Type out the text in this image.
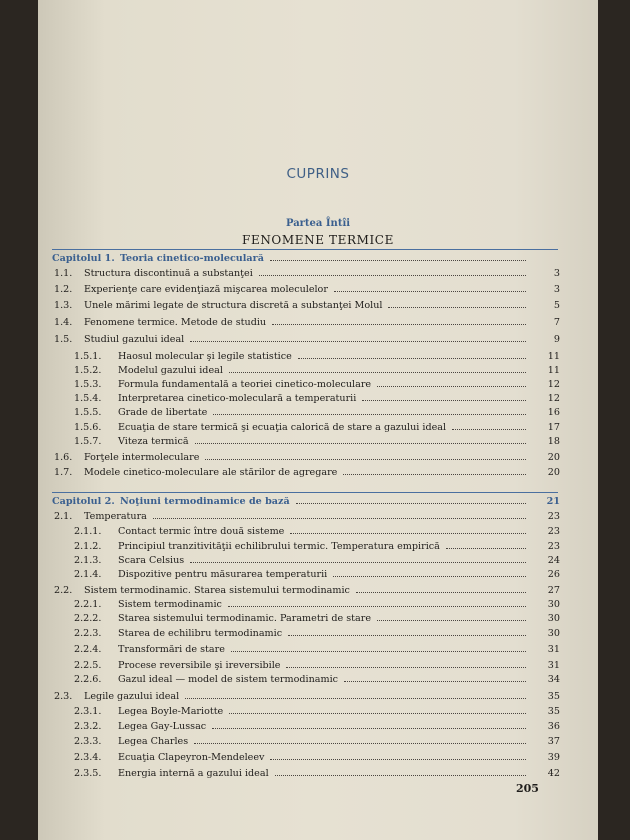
CUPRINS
Partea Întîi
FENOMENE TERMICE
Capitolul 1. Teoria cinetico-moleculară
1.1. Structura discontinuă a substanţei	3
1.2. Experienţe care evidenţiază mişcarea moleculelor	3
1.3. Unele mărimi legate de structura discretă a substanţei Molul	5
1.4. Fenomene termice. Metode de studiu	7
1.5. Studiul gazului ideal	9
1.5.1. Haosul molecular şi legile statistice	11
1.5.2. Modelul gazului ideal	11
1.5.3. Formula fundamentală a teoriei cinetico-moleculare	12
1.5.4. Interpretarea cinetico-moleculară a temperaturii	12
1.5.5. Grade de libertate	16
1.5.6. Ecuaţia de stare termică şi ecuaţia calorică de stare a gazului ideal	17
1.5.7. Viteza termică	18
1.6. Forţele intermoleculare	20
1.7. Modele cinetico-moleculare ale stărilor de agregare	20
Capitolul 2. Noţiuni termodinamice de bază	21
2.1. Temperatura	23
2.1.1. Contact termic între două sisteme	23
2.1.2. Principiul tranzitivităţii echilibrului termic. Temperatura empirică	23
2.1.3. Scara Celsius	24
2.1.4. Dispozitive pentru măsurarea temperaturii	26
2.2. Sistem termodinamic. Starea sistemului termodinamic	27
2.2.1. Sistem termodinamic	30
2.2.2. Starea sistemului termodinamic. Parametri de stare	30
2.2.3. Starea de echilibru termodinamic	30
2.2.4. Transformări de stare	31
2.2.5. Procese reversibile şi ireversibile	31
2.2.6. Gazul ideal — model de sistem termodinamic	34
2.3. Legile gazului ideal	35
2.3.1. Legea Boyle-Mariotte	35
2.3.2. Legea Gay-Lussac	36
2.3.3. Legea Charles	37
2.3.4. Ecuaţia Clapeyron-Mendeleev	39
2.3.5. Energia internă a gazului ideal	42
205
